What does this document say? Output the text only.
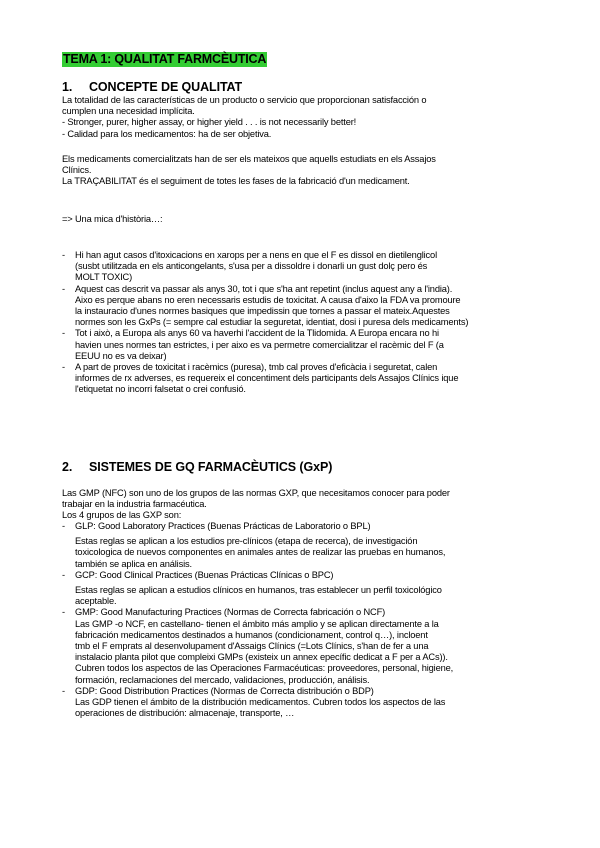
TEMA 1: QUALITAT FARMCÈUTICA
1. CONCEPTE DE QUALITAT
La totalidad de las características de un producto o servicio que proporcionan satisfacción o
cumplen una necesidad implícita.
- Stronger, purer, higher assay, or higher yield . . . is not necessarily better!
- Calidad para los medicamentos: ha de ser objetiva.
Els medicaments comercialitzats han de ser els mateixos que aquells estudiats en els Assajos
Clínics.
La TRAÇABILITAT és el seguiment de totes les fases de la fabricació d'un medicament.
=> Una mica d'història…:
- Hi han agut casos d'itoxicacions en xarops per a nens en que el F es dissol en dietilenglicol
(susbt utilitzada en els anticongelants, s'usa per a dissoldre i donarli un gust dolç pero és
MOLT TOXIC)
- Aquest cas descrit va passar als anys 30, tot i que s'ha ant repetint (inclus aquest any a l'india).
Aixo es perque abans no eren necessaris estudis de toxicitat. A causa d'aixo la FDA va promoure
la instauracio d'unes normes basiques que impedissin que tornes a passar el mateix.Aquestes
normes son les GxPs (= sempre cal estudiar la seguretat, identiat, dosi i puresa dels medicaments)
- Tot i això, a Europa als anys 60 va haverhi l'accident de la Tlidomida. A Europa encara no hi
havien unes normes tan estrictes, i per aixo es va permetre comercialitzar el racèmic del F (a
EEUU no es va deixar)
- A part de proves de toxicitat i racèmics (puresa), tmb cal proves d'eficàcia i seguretat, calen
informes de rx adverses, es requereix el concentiment dels participants dels Assajos Clínics ique
l'etiquetat no incorri falsetat o crei confusió.
2. SISTEMES DE GQ FARMACÈUTICS (GxP)
Las GMP (NFC) son uno de los grupos de las normas GXP, que necesitamos conocer para poder
trabajar en la industria farmacéutica.
Los 4 grupos de las GXP son:
- GLP: Good Laboratory Practices (Buenas Prácticas de Laboratorio o BPL)
Estas reglas se aplican a los estudios pre-clínicos (etapa de recerca), de investigación
toxicologica de nuevos componentes en animales antes de realizar las pruebas en humanos,
también se aplica en análisis.
- GCP: Good Clinical Practices (Buenas Prácticas Clínicas o BPC)
Estas reglas se aplican a estudios clínicos en humanos, tras establecer un perfil toxicológico
aceptable.
- GMP: Good Manufacturing Practices (Normas de Correcta fabricación o NCF)
Las GMP -o NCF, en castellano- tienen el ámbito más amplio y se aplican directamente a la
fabricación medicamentos destinados a humanos (condicionament, control q…), incloent
tmb el F emprats al desenvolupament d'Assaigs Clínics (=Lots Clínics, s'han de fer a una
instalacio planta pilot que compleixi GMPs (existeix un annex epecífic dedicat a F per a ACs)).
Cubren todos los aspectos de las Operaciones Farmacéuticas: proveedores, personal, higiene,
formación, reclamaciones del mercado, validaciones, producción, análisis.
- GDP: Good Distribution Practices (Normas de Correcta distribución o BDP)
Las GDP tienen el ámbito de la distribución medicamentos. Cubren todos los aspectos de las
operaciones de distribución: almacenaje, transporte, …
